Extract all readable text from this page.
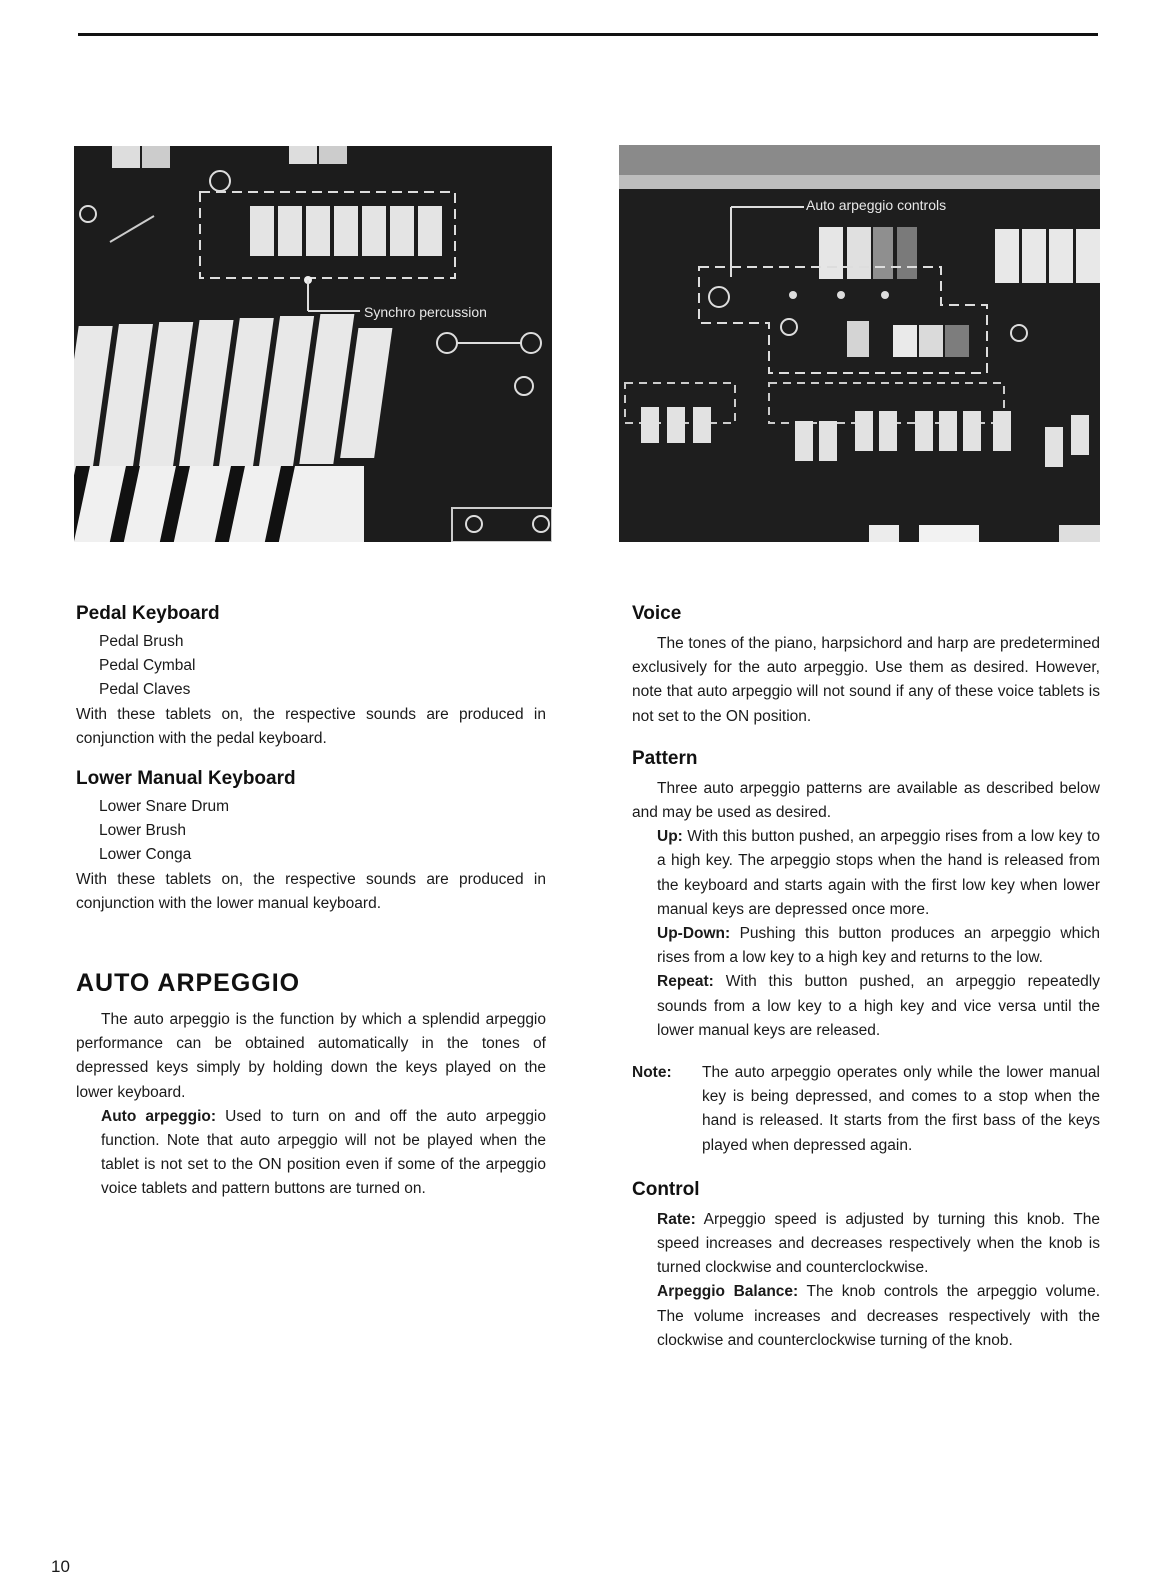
Synchro percussion
Auto arpeggio controls
Pedal Keyboard
Pedal Brush
Pedal Cymbal
Pedal Claves

With these tablets on, the respective sounds are produced in conjunction with the pedal keyboard.

Lower Manual Keyboard
Lower Snare Drum
Lower Brush
Lower Conga

With these tablets on, the respective sounds are produced in conjunction with the lower manual keyboard.

AUTO ARPEGGIO

The auto arpeggio is the function by which a splendid arpeggio performance can be obtained automatically in the tones of depressed keys simply by holding down the keys played on the lower keyboard.

Auto arpeggio: Used to turn on and off the auto arpeggio function. Note that auto arpeggio will not be played when the tablet is not set to the ON position even if some of the arpeggio voice tablets and pattern buttons are turned on.
Voice

The tones of the piano, harpsichord and harp are predetermined exclusively for the auto arpeggio. Use them as desired. However, note that auto arpeggio will not sound if any of these voice tablets is not set to the ON position.

Pattern

Three auto arpeggio patterns are available as described below and may be used as desired.

Up: With this button pushed, an arpeggio rises from a low key to a high key. The arpeggio stops when the hand is released from the keyboard and starts again with the first low key when lower manual keys are depressed once more.
Up-Down: Pushing this button produces an arpeggio which rises from a low key to a high key and returns to the low.
Repeat: With this button pushed, an arpeggio repeatedly sounds from a low key to a high key and vice versa until the lower manual keys are released.
Note:	The auto arpeggio operates only while the lower manual key is being depressed, and comes to a stop when the hand is released. It starts from the first bass of the keys played when depressed again.
Control
Rate: Arpeggio speed is adjusted by turning this knob. The speed increases and decreases respectively when the knob is turned clockwise and counterclockwise.
Arpeggio Balance: The knob controls the arpeggio volume. The volume increases and decreases respectively with the clockwise and counterclockwise turning of the knob.
10
